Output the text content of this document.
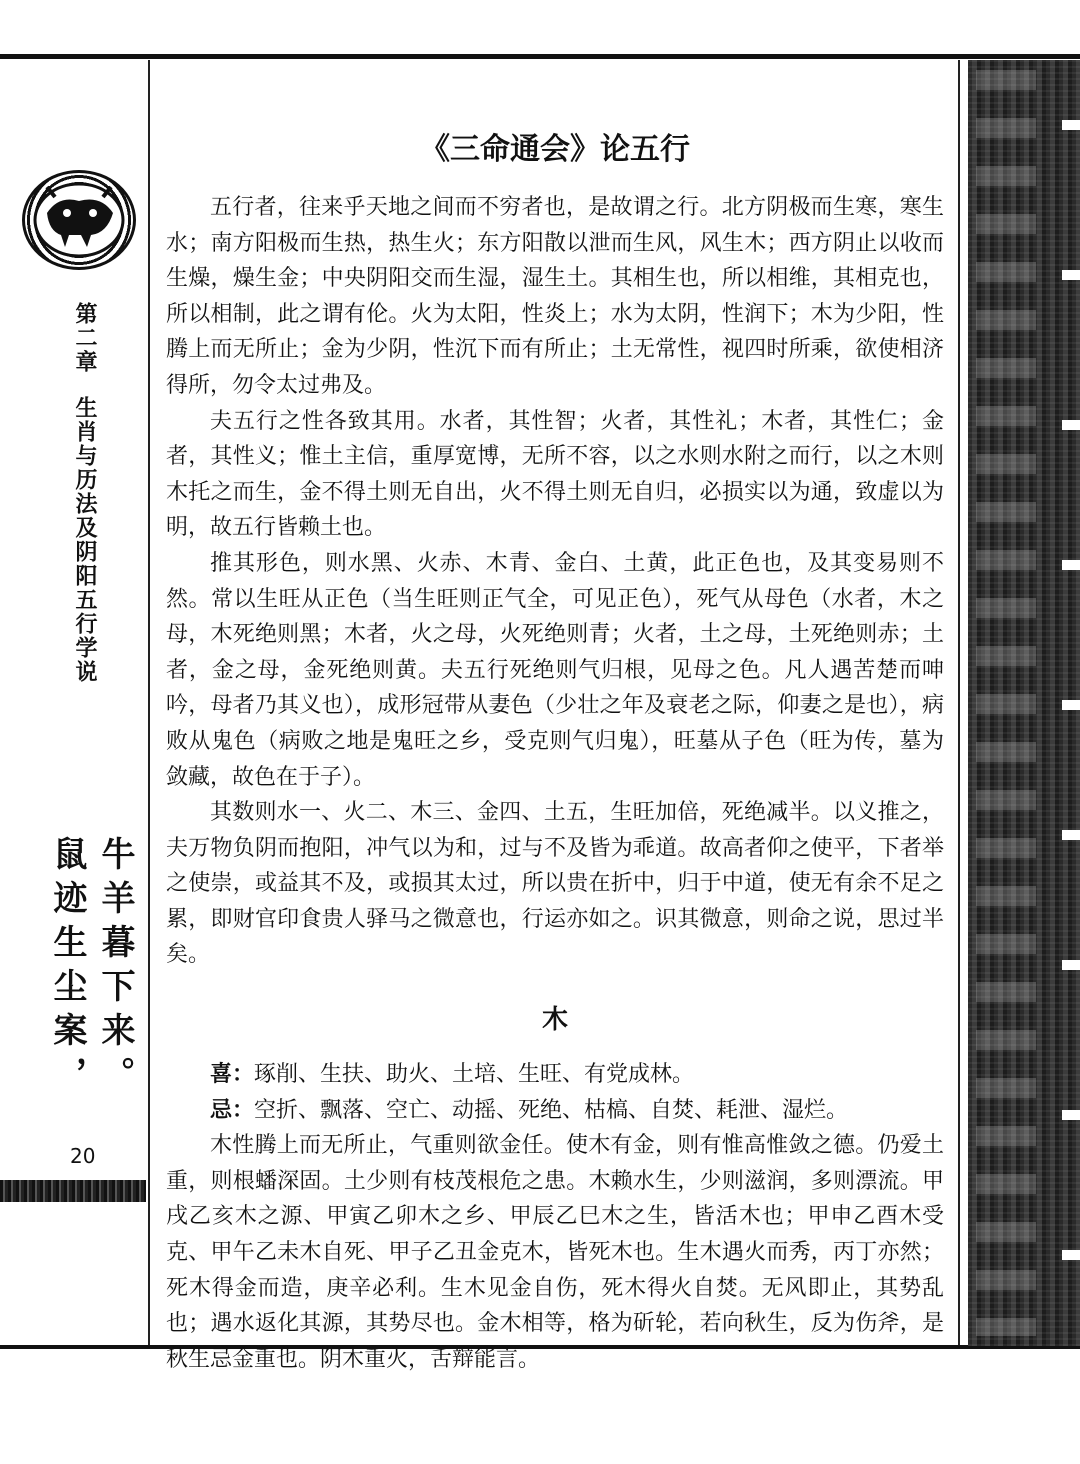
第二章生肖与历法及阴阳五行学说
牛羊暮下来。
鼠迹生尘案，
20
《三命通会》论五行

五行者，往来乎天地之间而不穷者也，是故谓之行。北方阴极而生寒，寒生水；南方阳极而生热，热生火；东方阳散以泄而生风，风生木；西方阴止以收而生燥，燥生金；中央阴阳交而生湿，湿生土。其相生也，所以相维，其相克也，所以相制，此之谓有伦。火为太阳，性炎上；水为太阴，性润下；木为少阳，性腾上而无所止；金为少阴，性沉下而有所止；土无常性，视四时所乘，欲使相济得所，勿令太过弗及。

夫五行之性各致其用。水者，其性智；火者，其性礼；木者，其性仁；金者，其性义；惟土主信，重厚宽博，无所不容，以之水则水附之而行，以之木则木托之而生，金不得土则无自出，火不得土则无自归，必损实以为通，致虚以为明，故五行皆赖土也。

推其形色，则水黑、火赤、木青、金白、土黄，此正色也，及其变易则不然。常以生旺从正色（当生旺则正气全，可见正色），死气从母色（水者，木之母，木死绝则黑；木者，火之母，火死绝则青；火者，土之母，土死绝则赤；土者，金之母，金死绝则黄。夫五行死绝则气归根，见母之色。凡人遇苦楚而呻吟，母者乃其义也），成形冠带从妻色（少壮之年及衰老之际，仰妻之是也），病败从鬼色（病败之地是鬼旺之乡，受克则气归鬼），旺墓从子色（旺为传，墓为敛藏，故色在于子）。

其数则水一、火二、木三、金四、土五，生旺加倍，死绝减半。以义推之，夫万物负阴而抱阳，冲气以为和，过与不及皆为乖道。故高者仰之使平，下者举之使崇，或益其不及，或损其太过，所以贵在折中，归于中道，使无有余不足之累，即财官印食贵人驿马之微意也，行运亦如之。识其微意，则命之说，思过半矣。

木

喜：琢削、生扶、助火、土培、生旺、有党成林。

忌：空折、飘落、空亡、动摇、死绝、枯槁、自焚、耗泄、湿烂。

木性腾上而无所止，气重则欲金任。使木有金，则有惟高惟敛之德。仍爱土重，则根蟠深固。土少则有枝茂根危之患。木赖水生，少则滋润，多则漂流。甲戌乙亥木之源、甲寅乙卯木之乡、甲辰乙巳木之生，皆活木也；甲申乙酉木受克、甲午乙未木自死、甲子乙丑金克木，皆死木也。生木遇火而秀，丙丁亦然；死木得金而造，庚辛必利。生木见金自伤，死木得火自焚。无风即止，其势乱也；遇水返化其源，其势尽也。金木相等，格为斫轮，若向秋生，反为伤斧，是秋生忌金重也。阴木重火，舌辩能言。
